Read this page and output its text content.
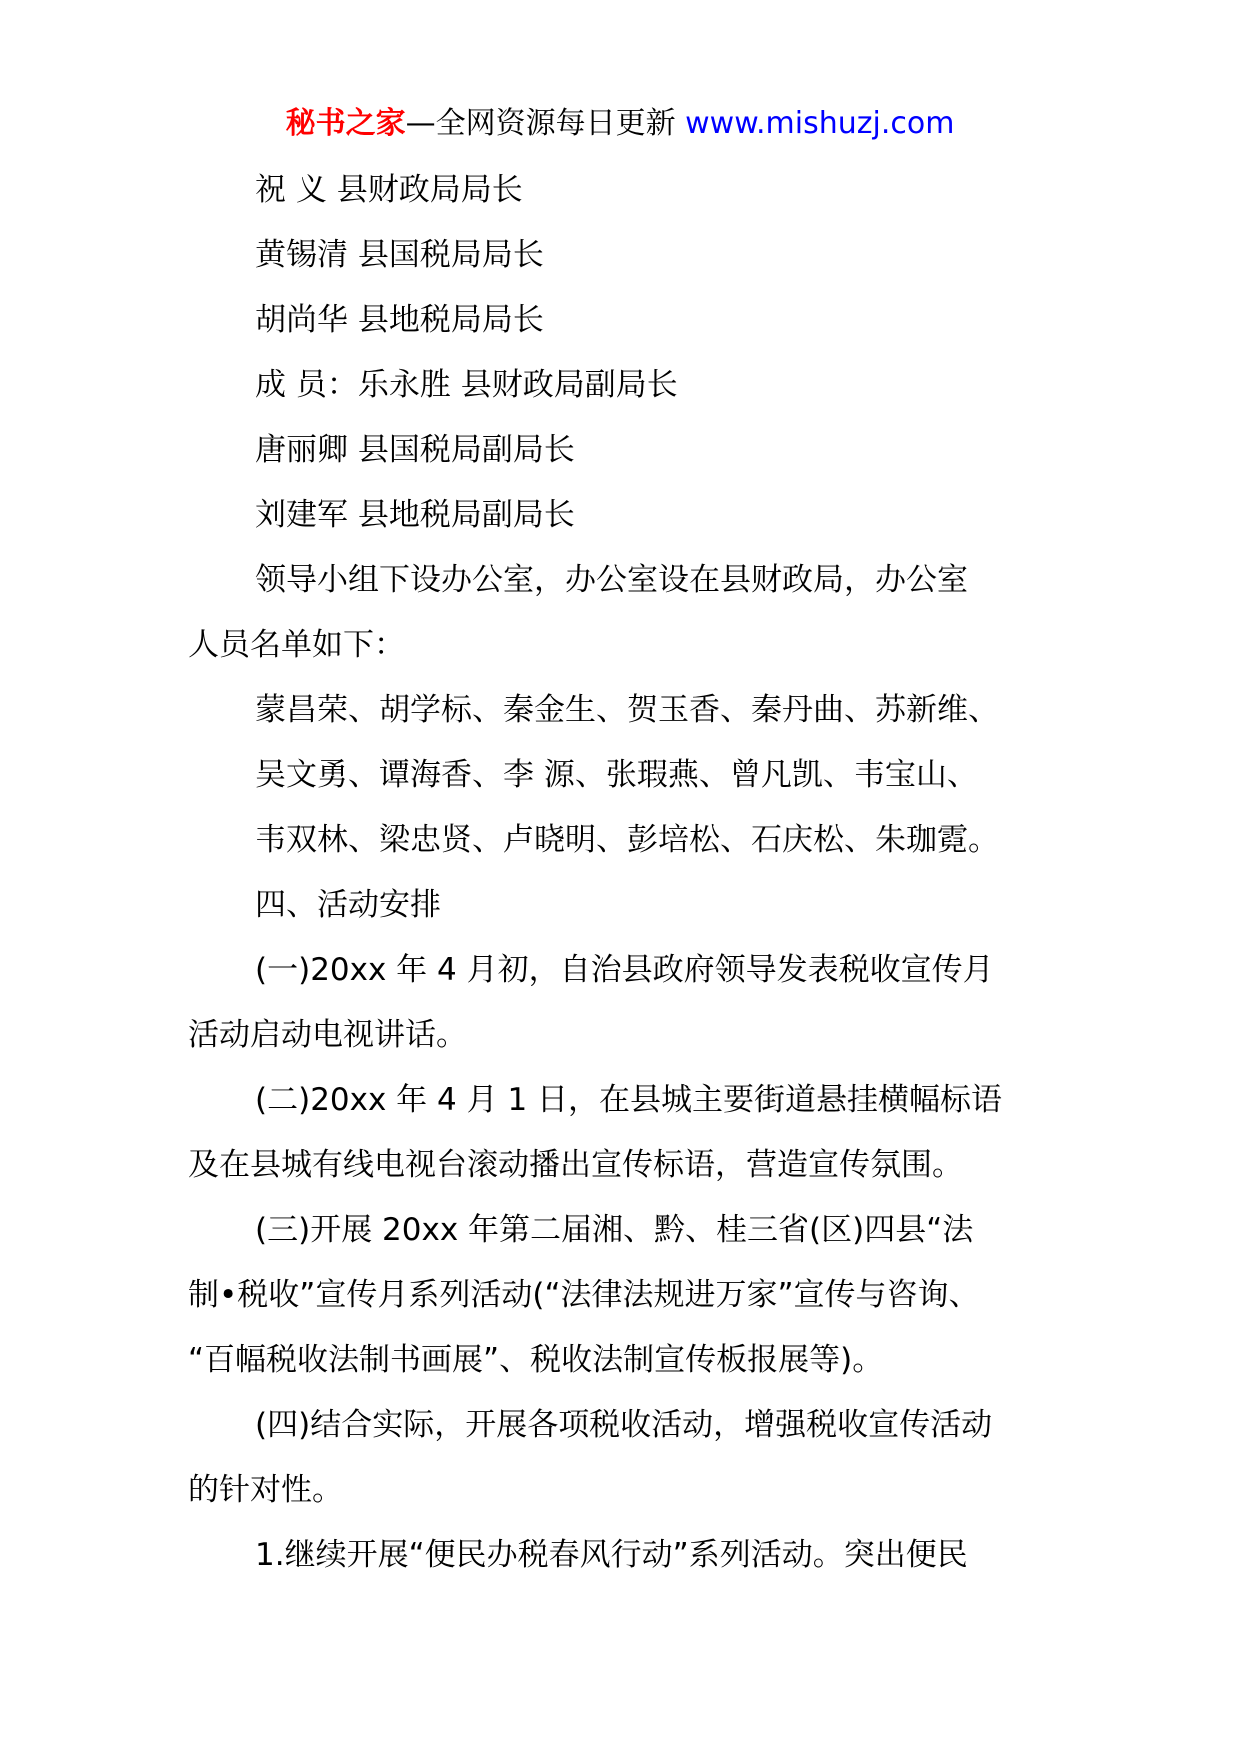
秘书之家—全网资源每日更新 www.mishuzj.com
祝 义 县财政局局长
黄锡清 县国税局局长
胡尚华 县地税局局长
成 员：乐永胜 县财政局副局长
唐丽卿 县国税局副局长
刘建军 县地税局副局长
领导小组下设办公室，办公室设在县财政局，办公室
人员名单如下：
蒙昌荣、胡学标、秦金生、贺玉香、秦丹曲、苏新维、
吴文勇、谭海香、李 源、张瑕燕、曾凡凯、韦宝山、
韦双林、梁忠贤、卢晓明、彭培松、石庆松、朱珈霓。
四、活动安排
(一)20xx 年 4 月初，自治县政府领导发表税收宣传月
活动启动电视讲话。
(二)20xx 年 4 月 1 日，在县城主要街道悬挂横幅标语
及在县城有线电视台滚动播出宣传标语，营造宣传氛围。
(三)开展 20xx 年第二届湘、黔、桂三省(区)四县“法
制•税收”宣传月系列活动(“法律法规进万家”宣传与咨询、
“百幅税收法制书画展”、税收法制宣传板报展等)。
(四)结合实际，开展各项税收活动，增强税收宣传活动
的针对性。
1.继续开展“便民办税春风行动”系列活动。突出便民
